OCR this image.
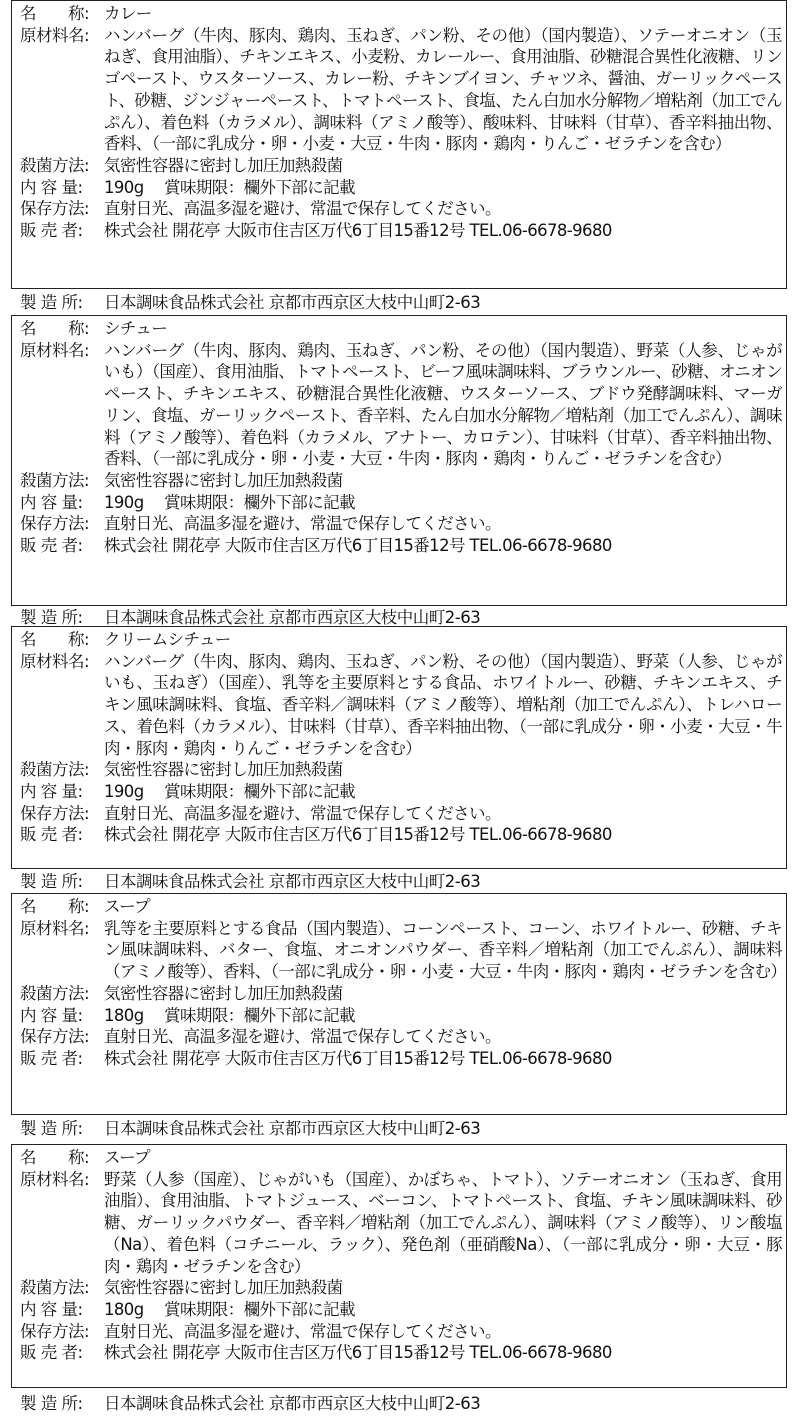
名　　称: カレー
原材料名: ハンバーグ（牛肉、豚肉、鶏肉、玉ねぎ、パン粉、その他）（国内製造）、ソテーオニオン（玉ねぎ、食用油脂）、チキンエキス、小麦粉、カレールー、食用油脂、砂糖混合異性化液糖、リンゴペースト、ウスターソース、カレー粉、チキンブイヨン、チャツネ、醤油、ガーリックペースト、砂糖、ジンジャーペースト、トマトペースト、食塩、たん白加水分解物／増粘剤（加工でんぷん）、着色料（カラメル）、調味料（アミノ酸等）、酸味料、甘味料（甘草）、香辛料抽出物、香料、（一部に乳成分・卵・小麦・大豆・牛肉・豚肉・鶏肉・りんご・ゼラチンを含む）
殺菌方法: 気密性容器に密封し加圧加熱殺菌
内 容 量:	190g　 賞味期限：欄外下部に記載
保存方法: 直射日光、高温多湿を避け、常温で保存してください。
販 売 者:	株式会社 開花亭 大阪市住吉区万代6丁目15番12号 TEL.06-6678-9680
製 造 所: 日本調味食品株式会社 京都市西京区大枝中山町2-63
名　　称: シチュー
原材料名: ハンバーグ（牛肉、豚肉、鶏肉、玉ねぎ、パン粉、その他）（国内製造）、野菜（人参、じゃがいも）（国産）、食用油脂、トマトペースト、ビーフ風味調味料、ブラウンルー、砂糖、オニオンペースト、チキンエキス、砂糖混合異性化液糖、ウスターソース、ブドウ発酵調味料、マーガリン、食塩、ガーリックペースト、香辛料、たん白加水分解物／増粘剤（加工でんぷん）、調味料（アミノ酸等）、着色料（カラメル、アナトー、カロテン）、甘味料（甘草）、香辛料抽出物、香料、（一部に乳成分・卵・小麦・大豆・牛肉・豚肉・鶏肉・りんご・ゼラチンを含む）
殺菌方法: 気密性容器に密封し加圧加熱殺菌
内 容 量:	190g　 賞味期限：欄外下部に記載
保存方法: 直射日光、高温多湿を避け、常温で保存してください。
販 売 者:	株式会社 開花亭 大阪市住吉区万代6丁目15番12号 TEL.06-6678-9680
製 造 所: 日本調味食品株式会社 京都市西京区大枝中山町2-63
名　　称: クリームシチュー
原材料名: ハンバーグ（牛肉、豚肉、鶏肉、玉ねぎ、パン粉、その他）（国内製造）、野菜（人参、じゃがいも、玉ねぎ）（国産）、乳等を主要原料とする食品、ホワイトルー、砂糖、チキンエキス、チキン風味調味料、食塩、香辛料／調味料（アミノ酸等）、増粘剤（加工でんぷん）、トレハロース、着色料（カラメル）、甘味料（甘草）、香辛料抽出物、（一部に乳成分・卵・小麦・大豆・牛肉・豚肉・鶏肉・りんご・ゼラチンを含む）
殺菌方法: 気密性容器に密封し加圧加熱殺菌
内 容 量:	190g　 賞味期限：欄外下部に記載
保存方法: 直射日光、高温多湿を避け、常温で保存してください。
販 売 者:	株式会社 開花亭 大阪市住吉区万代6丁目15番12号 TEL.06-6678-9680
製 造 所: 日本調味食品株式会社 京都市西京区大枝中山町2-63
名　　称: スープ
原材料名: 乳等を主要原料とする食品（国内製造）、コーンペースト、コーン、ホワイトルー、砂糖、チキン風味調味料、バター、食塩、オニオンパウダー、香辛料／増粘剤（加工でんぷん）、調味料（アミノ酸等）、香料、（一部に乳成分・卵・小麦・大豆・牛肉・豚肉・鶏肉・ゼラチンを含む）
殺菌方法: 気密性容器に密封し加圧加熱殺菌
内 容 量:	180g　 賞味期限：欄外下部に記載
保存方法: 直射日光、高温多湿を避け、常温で保存してください。
販 売 者:	株式会社 開花亭 大阪市住吉区万代6丁目15番12号 TEL.06-6678-9680
製 造 所: 日本調味食品株式会社 京都市西京区大枝中山町2-63
名　　称: スープ
原材料名: 野菜（人参（国産）、じゃがいも（国産）、かぼちゃ、トマト）、ソテーオニオン（玉ねぎ、食用油脂）、食用油脂、トマトジュース、ベーコン、トマトペースト、食塩、チキン風味調味料、砂糖、ガーリックパウダー、香辛料／増粘剤（加工でんぷん）、調味料（アミノ酸等）、リン酸塩（Na）、着色料（コチニール、ラック）、発色剤（亜硝酸Na）、（一部に乳成分・卵・大豆・豚肉・鶏肉・ゼラチンを含む）
殺菌方法: 気密性容器に密封し加圧加熱殺菌
内 容 量:	180g　 賞味期限：欄外下部に記載
保存方法: 直射日光、高温多湿を避け、常温で保存してください。
販 売 者:	株式会社 開花亭 大阪市住吉区万代6丁目15番12号 TEL.06-6678-9680
製 造 所: 日本調味食品株式会社 京都市西京区大枝中山町2-63
